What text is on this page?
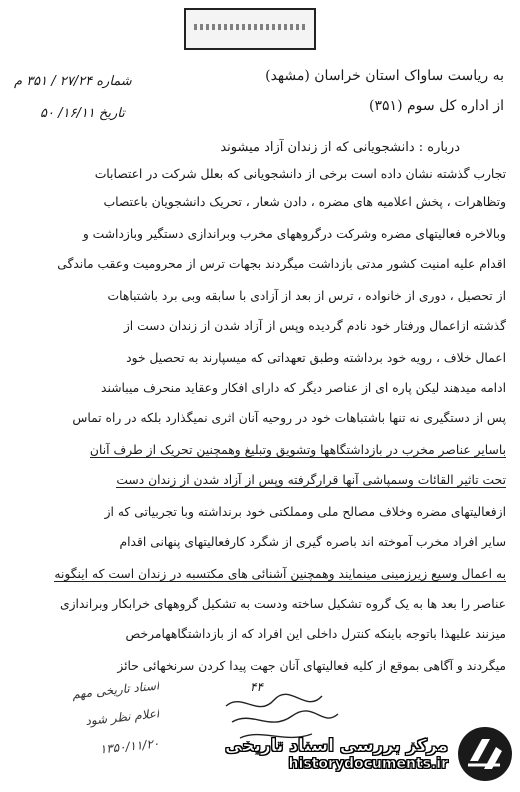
به ریاست ساواک استان خراسان (مشهد)
از اداره کل سوم (۳۵۱)
شماره ۲۷/۲۴ / ۳۵۱ م
تاریخ ۱۶/۱۱/ ۵۰
درباره : دانشجویانی که از زندان آزاد میشوند
تجارب گذشته نشان داده است برخی از دانشجویانی که بعلل شرکت در اعتصابات
وتظاهرات ، پخش اعلامیه های مضره ، دادن شعار ، تحریک دانشجویان باعتصاب
وبالاخره فعالیتهای مضره وشرکت درگروههای مخرب وبراندازی دستگیر وبازداشت و
اقدام علیه امنیت کشور مدتی بازداشت میگردند بجهات ترس از محرومیت وعقب ماندگی
از تحصیل ، دوری از خانواده ، ترس از بعد از آزادی با سابقه وبی برد باشتباهات
گذشته ازاعمال ورفتار خود نادم گردیده وپس از آزاد شدن از زندان دست از
اعمال خلاف ، رویه خود برداشته وطبق تعهداتی که میسپارند به تحصیل خود
ادامه میدهند لیکن پاره ای از عناصر دیگر که دارای افکار وعقاید منحرف میباشند
پس از دستگیری نه تنها باشتباهات خود در روحیه آنان اثری نمیگذارد بلکه در راه تماس
باسایر عناصر مخرب در بازداشتگاهها وتشویق وتبلیغ وهمچنین تحریک از طرف آنان
تحت تاثیر القائات وسمپاشی آنها قرارگرفته وپس از آزاد شدن از زندان دست
ازفعالیتهای مضره وخلاف مصالح ملی ومملکتی خود برنداشته وبا تجربیاتی که از
سایر افراد مخرب آموخته اند باصره گیری از شگرد کارفعالیتهای پنهانی اقدام
به اعمال وسیع زیرزمینی مینمایند وهمچنین آشنائی های مکتسبه در زندان است که اینگونه
عناصر را بعد ها به یک گروه تشکیل ساخته ودست به تشکیل گروههای خرابکار وبراندازی
میزنند علیهذا باتوجه باینکه کنترل داخلی این افراد که از بازداشتگاههامرخص
میگردند و آگاهی بموقع از کلیه فعالیتهای آنان جهت پیدا کردن سرنخهائی حائز
۴۴
اسناد تاریخی مهم
اعلام نظر شود
۱۳۵۰/۱۱/۲۰	مرکز بررسی اسناد تاریخی
historydocuments.ir
